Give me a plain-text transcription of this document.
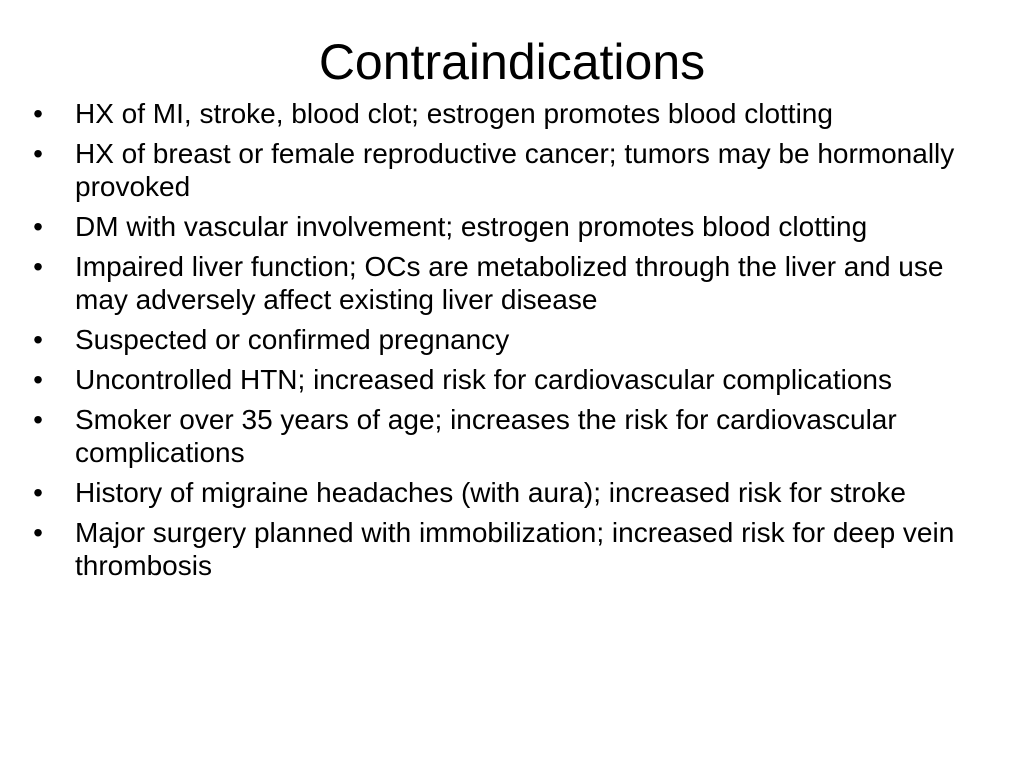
Contraindications
• HX of MI, stroke, blood clot; estrogen promotes blood clotting
• HX of breast or female reproductive cancer; tumors may be hormonally provoked
• DM with vascular involvement; estrogen promotes blood clotting
• Impaired liver function; OCs are metabolized through the liver and use may adversely affect existing liver disease
• Suspected or confirmed pregnancy
• Uncontrolled HTN; increased risk for cardiovascular complications
• Smoker over 35 years of age; increases the risk for cardiovascular complications
• History of migraine headaches (with aura); increased risk for stroke
• Major surgery planned with immobilization; increased risk for deep vein thrombosis
